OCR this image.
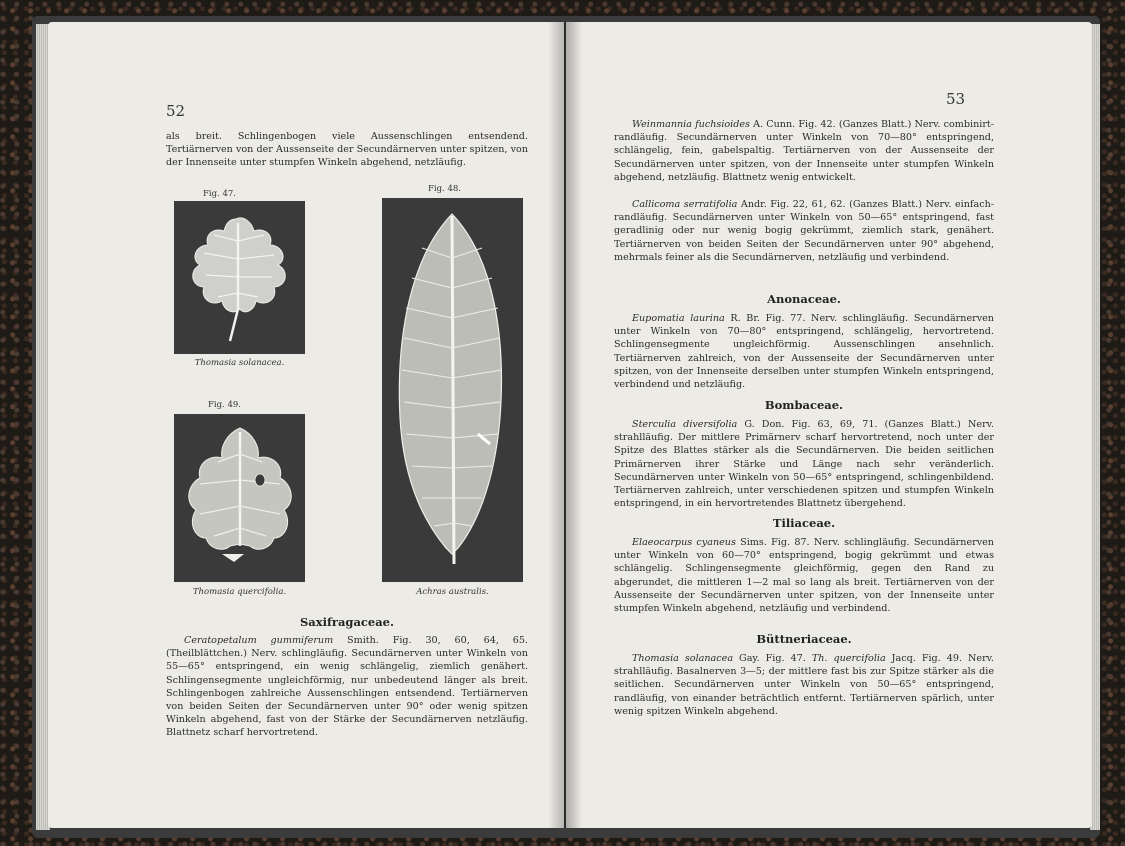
52

als breit. Schlingenbogen viele Aussenschlingen entsendend. Tertiärnerven von der Aussenseite der Secundärnerven unter spitzen, von der Innenseite unter stumpfen Winkeln abgehend, netzläufig.

Fig. 47.
Thomasia solanacea.
Fig. 48.
Achras australis.
Fig. 49.
Thomasia quercifolia.
Saxifragaceae.

Ceratopetalum gummiferum Smith. Fig. 30, 60, 64, 65. (Theilblättchen.) Nerv. schlingläufig. Secundärnerven unter Winkeln von 55—65° entspringend, ein wenig schlängelig, ziemlich genähert. Schlingensegmente ungleichförmig, nur unbedeutend länger als breit. Schlingenbogen zahlreiche Aussenschlingen entsendend. Tertiärnerven von beiden Seiten der Secundärnerven unter 90° oder wenig spitzen Winkeln abgehend, fast von der Stärke der Secundärnerven netzläufig. Blattnetz scharf hervortretend.

53

Weinmannia fuchsioides A. Cunn. Fig. 42. (Ganzes Blatt.) Nerv. combinirt-randläufig. Secundärnerven unter Winkeln von 70—80° entspringend, schlängelig, fein, gabelspaltig. Tertiärnerven von der Aussenseite der Secundärnerven unter spitzen, von der Innenseite unter stumpfen Winkeln abgehend, netzläufig. Blattnetz wenig entwickelt.

Callicoma serratifolia Andr. Fig. 22, 61, 62. (Ganzes Blatt.) Nerv. einfach-randläufig. Secundärnerven unter Winkeln von 50—65° entspringend, fast geradlinig oder nur wenig bogig gekrümmt, ziemlich stark, genähert. Tertiärnerven von beiden Seiten der Secundärnerven unter 90° abgehend, mehrmals feiner als die Secundärnerven, netzläufig und verbindend.

Anonaceae.

Eupomatia laurina R. Br. Fig. 77. Nerv. schlingläufig. Secundärnerven unter Winkeln von 70—80° entspringend, schlängelig, hervortretend. Schlingensegmente ungleichförmig. Aussenschlingen ansehnlich. Tertiärnerven zahlreich, von der Aussenseite der Secundärnerven unter spitzen, von der Innenseite derselben unter stumpfen Winkeln entspringend, verbindend und netzläufig.

Bombaceae.

Sterculia diversifolia G. Don. Fig. 63, 69, 71. (Ganzes Blatt.) Nerv. strahlläufig. Der mittlere Primärnerv scharf hervortretend, noch unter der Spitze des Blattes stärker als die Secundärnerven. Die beiden seitlichen Primärnerven ihrer Stärke und Länge nach sehr veränderlich. Secundärnerven unter Winkeln von 50—65° entspringend, schlingenbildend. Tertiärnerven zahlreich, unter verschiedenen spitzen und stumpfen Winkeln entspringend, in ein hervortretendes Blattnetz übergehend.

Tiliaceae.

Elaeocarpus cyaneus Sims. Fig. 87. Nerv. schlingläufig. Secundärnerven unter Winkeln von 60—70° entspringend, bogig gekrümmt und etwas schlängelig. Schlingensegmente gleichförmig, gegen den Rand zu abgerundet, die mittleren 1—2 mal so lang als breit. Tertiärnerven von der Aussenseite der Secundärnerven unter spitzen, von der Innenseite unter stumpfen Winkeln abgehend, netzläufig und verbindend.

Büttneriaceae.

Thomasia solanacea Gay. Fig. 47. Th. quercifolia Jacq. Fig. 49. Nerv. strahlläufig. Basalnerven 3—5; der mittlere fast bis zur Spitze stärker als die seitlichen. Secundärnerven unter Winkeln von 50—65° entspringend, randläufig, von einander beträchtlich entfernt. Tertiärnerven spärlich, unter wenig spitzen Winkeln abgehend.
